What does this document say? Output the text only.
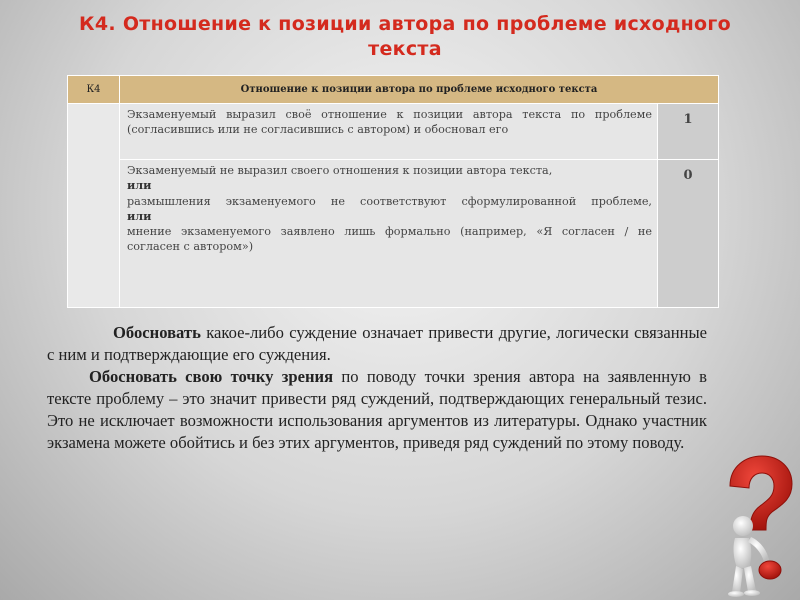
К4. Отношение к позиции автора по проблеме исходного текста
К4	Отношение к позиции автора по проблеме исходного текста	
	Экзаменуемый выразил своё отношение к позиции автора текста по проблеме (согласившись или не согласившись с автором) и обосновал его	1

	Экзаменуемый не выразил своего отношения к позиции автора текста,
или
размышления экзаменуемого не соответствуют сформулированной проблеме,
или
мнение экзаменуемого заявлено лишь формально (например, «Я согласен / не согласен с автором»)	0

Обосновать какое-либо суждение означает привести другие, логически связанные с ним и подтверждающие его суждения.

Обосновать свою точку зрения по поводу точки зрения автора на заявленную в тексте проблему – это значит привести ряд суждений, подтверждающих генеральный тезис. Это не исключает возможности использования аргументов из литературы. Однако участник экзамена можете обойтись и без этих аргументов, приведя ряд суждений по этому поводу.
